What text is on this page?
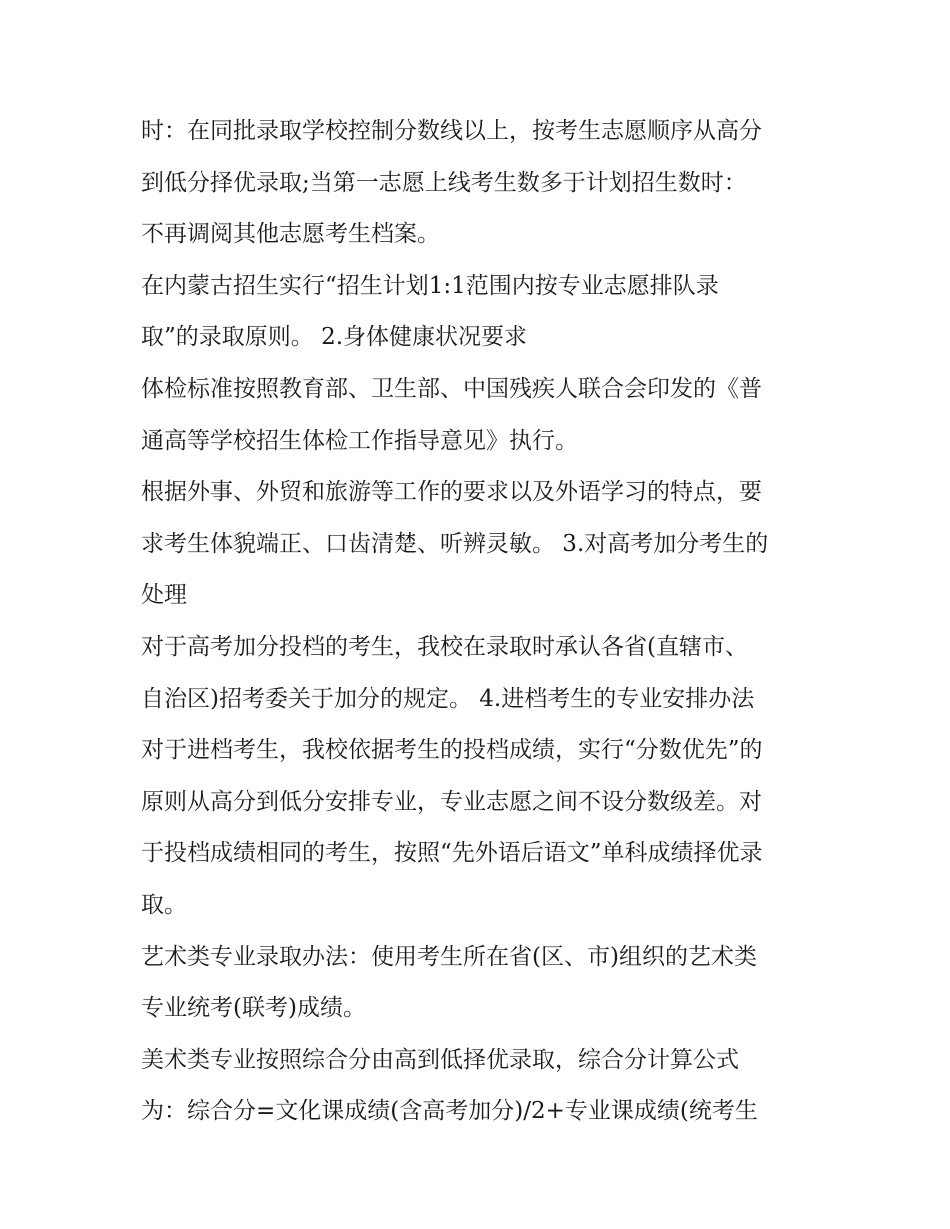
时：在同批录取学校控制分数线以上，按考生志愿顺序从高分
到低分择优录取;当第一志愿上线考生数多于计划招生数时：
不再调阅其他志愿考生档案。
在内蒙古招生实行“招生计划1:1范围内按专业志愿排队录
取”的录取原则。 2.身体健康状况要求
体检标准按照教育部、卫生部、中国残疾人联合会印发的《普
通高等学校招生体检工作指导意见》执行。
根据外事、外贸和旅游等工作的要求以及外语学习的特点，要
求考生体貌端正、口齿清楚、听辨灵敏。 3.对高考加分考生的
处理
对于高考加分投档的考生，我校在录取时承认各省(直辖市、
自治区)招考委关于加分的规定。 4.进档考生的专业安排办法
对于进档考生，我校依据考生的投档成绩，实行“分数优先”的
原则从高分到低分安排专业，专业志愿之间不设分数级差。对
于投档成绩相同的考生，按照“先外语后语文”单科成绩择优录
取。
艺术类专业录取办法：使用考生所在省(区、市)组织的艺术类
专业统考(联考)成绩。
美术类专业按照综合分由高到低择优录取，综合分计算公式
为：综合分=文化课成绩(含高考加分)/2+专业课成绩(统考生
